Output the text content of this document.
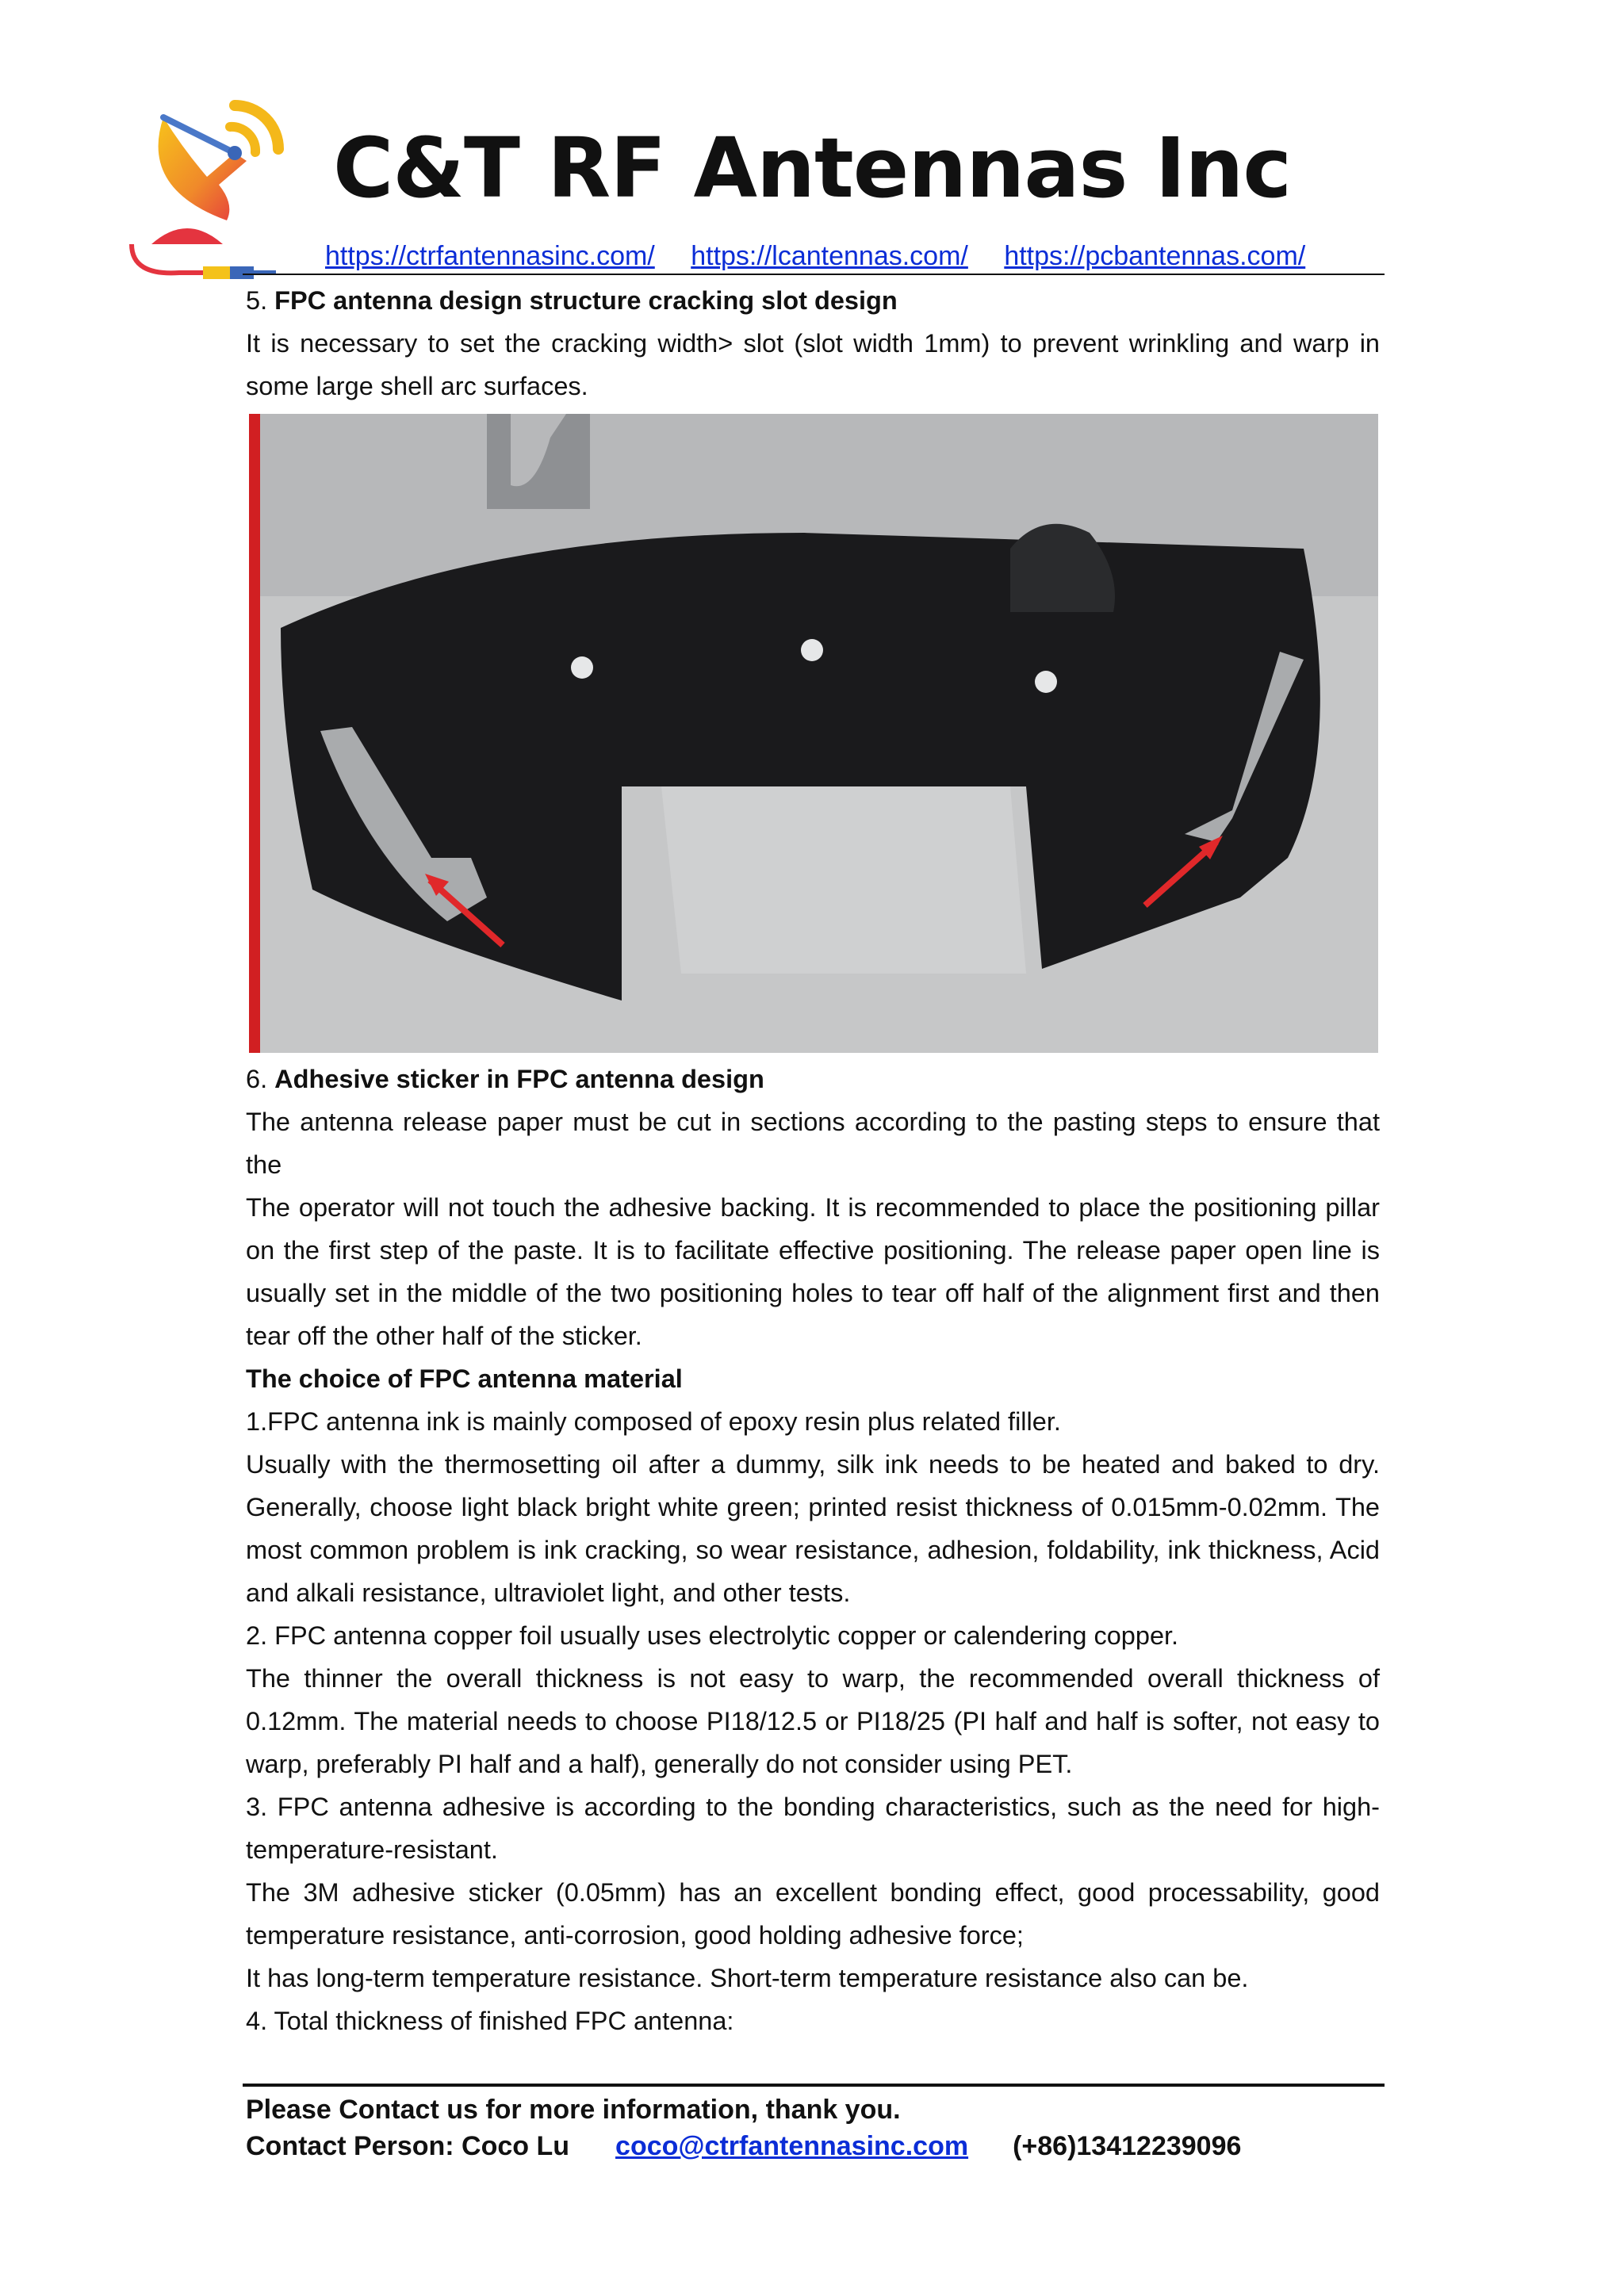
C&T RF Antennas Inc
https://ctrfantennasinc.com/ https://lcantennas.com/ https://pcbantennas.com/

5. FPC antenna design structure cracking slot design

It is necessary to set the cracking width> slot (slot width 1mm) to prevent wrinkling and warp in some large shell arc surfaces.

6. Adhesive sticker in FPC antenna design

The antenna release paper must be cut in sections according to the pasting steps to ensure that the

The operator will not touch the adhesive backing. It is recommended to place the positioning pillar on the first step of the paste. It is to facilitate effective positioning. The release paper open line is usually set in the middle of the two positioning holes to tear off half of the alignment first and then tear off the other half of the sticker.

The choice of FPC antenna material

1.FPC antenna ink is mainly composed of epoxy resin plus related filler.

Usually with the thermosetting oil after a dummy, silk ink needs to be heated and baked to dry. Generally, choose light black bright white green; printed resist thickness of 0.015mm-0.02mm. The most common problem is ink cracking, so wear resistance, adhesion, foldability, ink thickness, Acid and alkali resistance, ultraviolet light, and other tests.

2. FPC antenna copper foil usually uses electrolytic copper or calendering copper.

The thinner the overall thickness is not easy to warp, the recommended overall thickness of 0.12mm. The material needs to choose PI18/12.5 or PI18/25 (PI half and half is softer, not easy to warp, preferably PI half and a half), generally do not consider using PET.

3. FPC antenna adhesive is according to the bonding characteristics, such as the need for high-temperature-resistant.

The 3M adhesive sticker (0.05mm) has an excellent bonding effect, good processability, good temperature resistance, anti-corrosion, good holding adhesive force;

It has long-term temperature resistance. Short-term temperature resistance also can be.

4. Total thickness of finished FPC antenna:

Please Contact us for more information, thank you.
Contact Person: Coco Lu coco@ctrfantennasinc.com (+86)13412239096
